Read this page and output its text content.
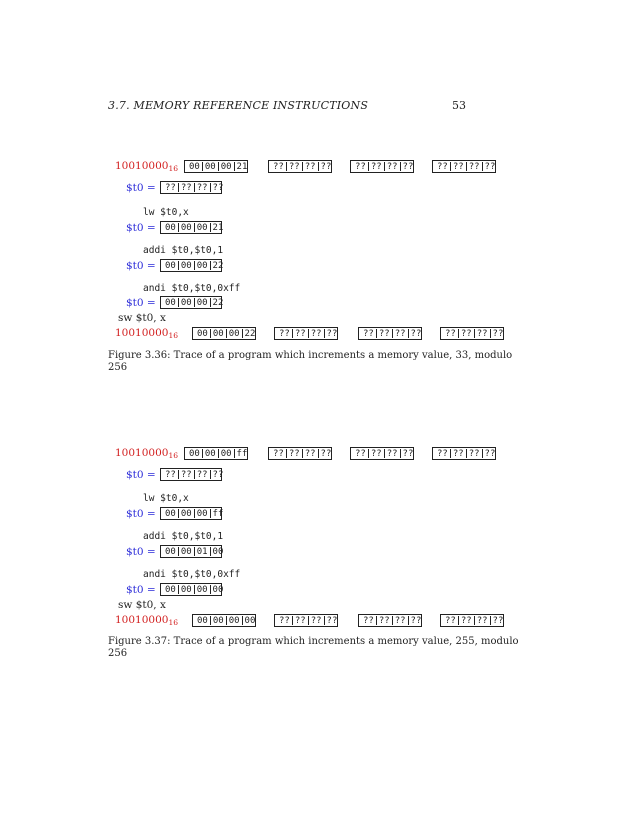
3.7. MEMORY REFERENCE INSTRUCTIONS	53
$10010000_{16}$ 00 00 00 21	?? ?? ?? ??	?? ?? ?? ??	?? ?? ?? ??
$t0 = ?? ?? ?? ??
lw $t0,x
$t0 = 00 00 00 21
addi $t0,$t0,1
$t0 = 00 00 00 22
andi $t0,$t0,0xff
$t0 = 00 00 00 22
sw $t0, x
$10010000_{16}$ 00 00 00 22	?? ?? ?? ??	?? ?? ?? ??	?? ?? ?? ??
Figure 3.36: Trace of a program which increments a memory value, 33, modulo
256
$10010000_{16}$ 00 00 00 ff	?? ?? ?? ??	?? ?? ?? ??	?? ?? ?? ??
$t0 = ?? ?? ?? ??
lw $t0,x
$t0 = 00 00 00 ff
addi $t0,$t0,1
$t0 = 00 00 01 00
andi $t0,$t0,0xff
$t0 = 00 00 00 00
sw $t0, x
$10010000_{16}$ 00 00 00 00	?? ?? ?? ??	?? ?? ?? ??	?? ?? ?? ??
Figure 3.37: Trace of a program which increments a memory value, 255, modulo
256
